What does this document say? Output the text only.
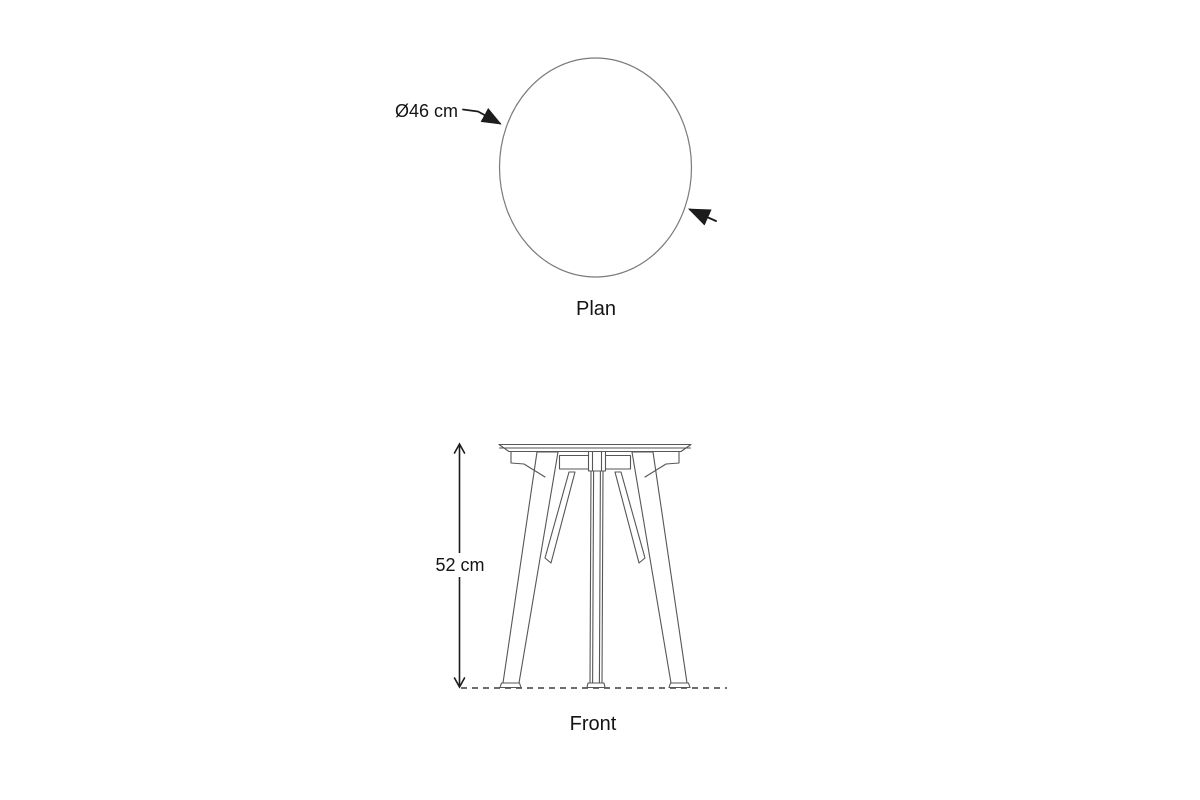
Ø46 cm
Plan
52 cm
Front
